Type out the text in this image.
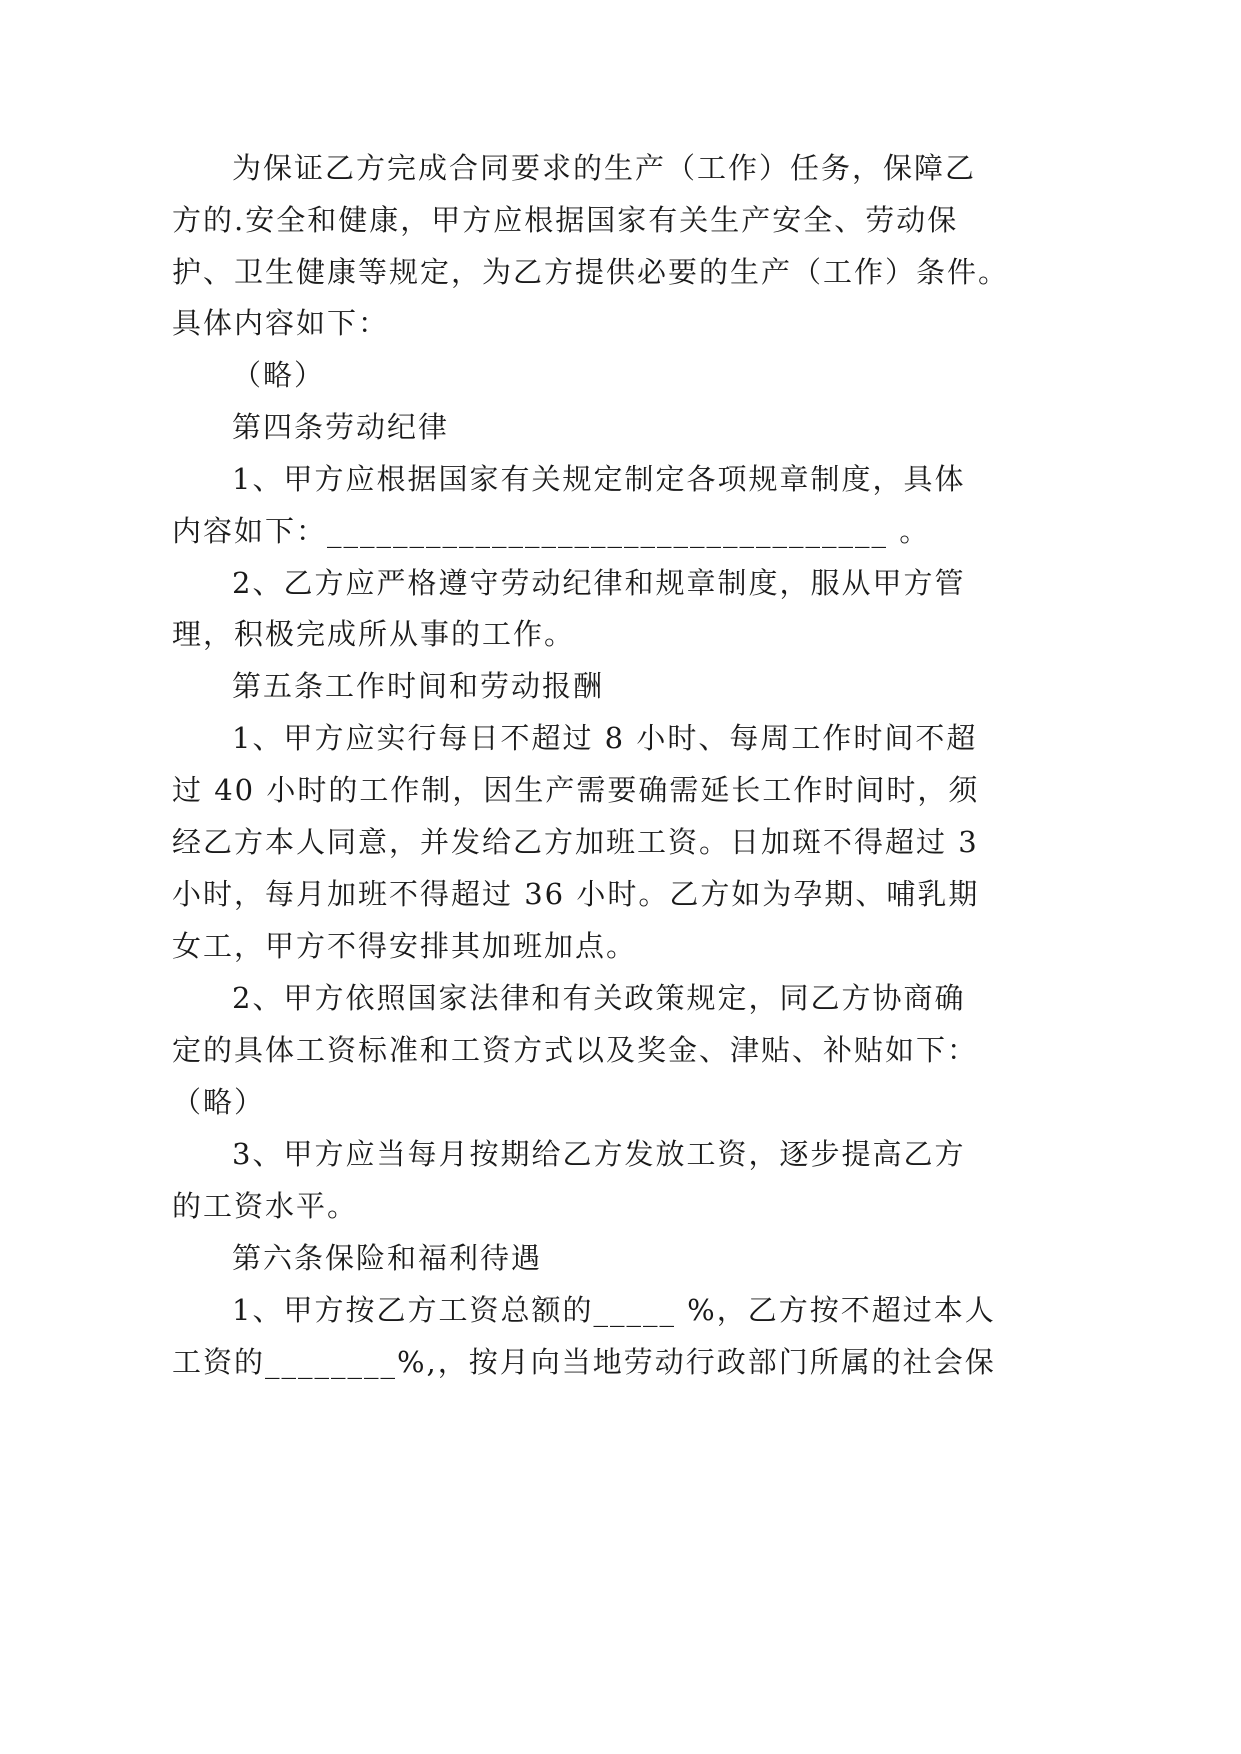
为保证乙方完成合同要求的生产（工作）任务，保障乙
方的.安全和健康，甲方应根据国家有关生产安全、劳动保
护、卫生健康等规定，为乙方提供必要的生产（工作）条件。
具体内容如下：
（略）
第四条劳动纪律
1、甲方应根据国家有关规定制定各项规章制度，具体
内容如下：__________________________________ 。
2、乙方应严格遵守劳动纪律和规章制度，服从甲方管
理，积极完成所从事的工作。
第五条工作时间和劳动报酬
1、甲方应实行每日不超过 8 小时、每周工作时间不超
过 40 小时的工作制，因生产需要确需延长工作时间时，须
经乙方本人同意，并发给乙方加班工资。日加斑不得超过 3
小时，每月加班不得超过 36 小时。乙方如为孕期、哺乳期
女工，甲方不得安排其加班加点。
2、甲方依照国家法律和有关政策规定，同乙方协商确
定的具体工资标准和工资方式以及奖金、津贴、补贴如下：
（略）
3、甲方应当每月按期给乙方发放工资，逐步提高乙方
的工资水平。
第六条保险和福利待遇
1、甲方按乙方工资总额的_____ %，乙方按不超过本人
工资的________%,，按月向当地劳动行政部门所属的社会保
